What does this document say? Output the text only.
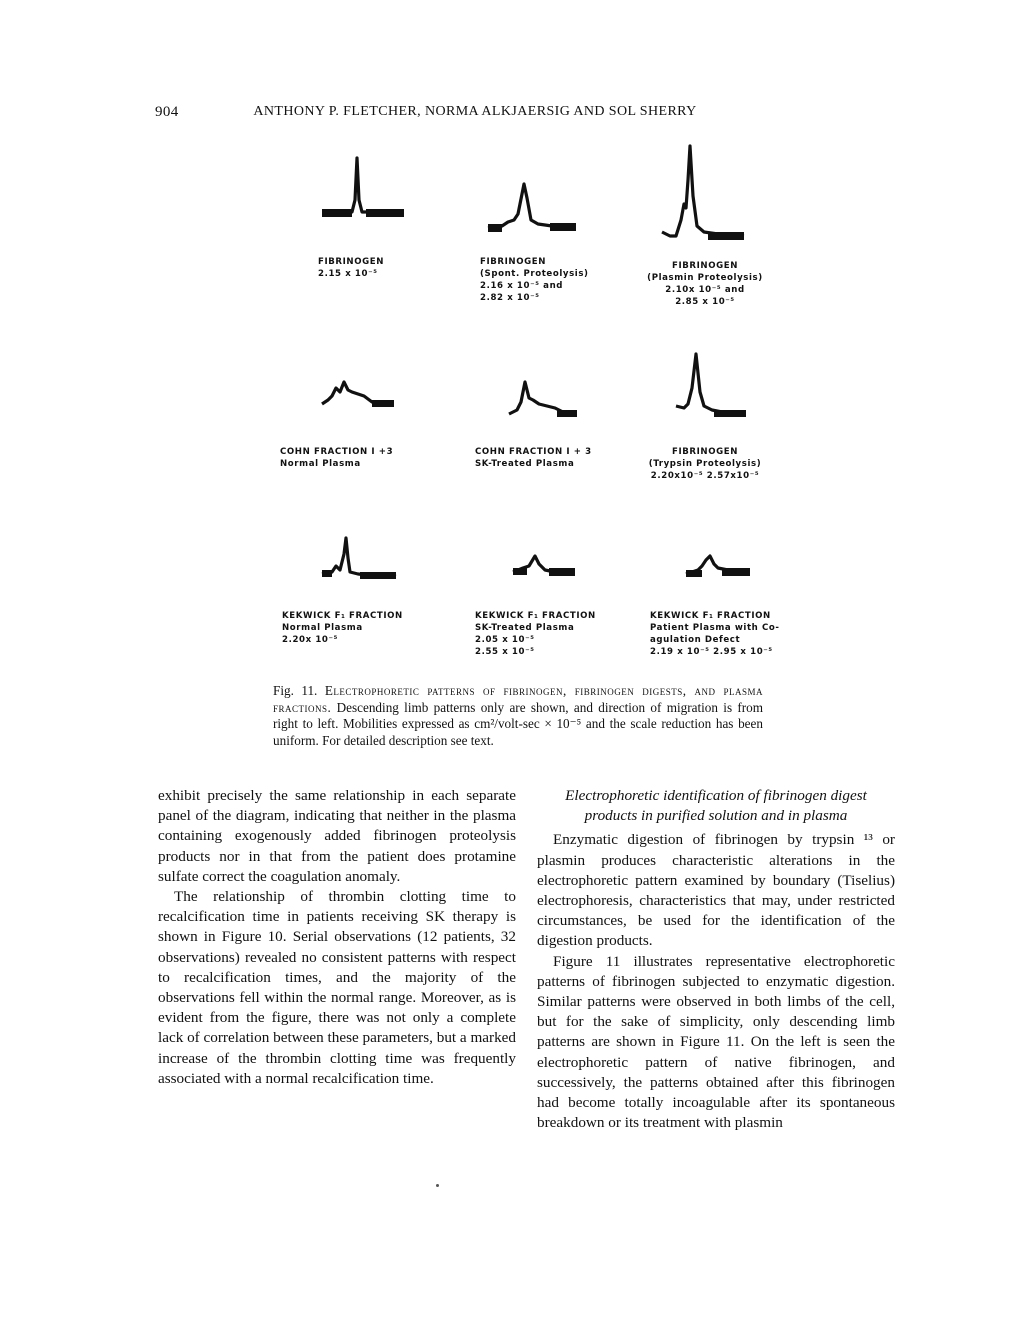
904	ANTHONY P. FLETCHER, NORMA ALKJAERSIG AND SOL SHERRY
FIBRINOGEN
2.15 x 10⁻⁵
FIBRINOGEN
(Spont. Proteolysis)
2.16 x 10⁻⁵ and
2.82 x 10⁻⁵
FIBRINOGEN
(Plasmin Proteolysis)
2.10x 10⁻⁵ and
2.85 x 10⁻⁵
COHN FRACTION I +3
Normal Plasma
COHN FRACTION I + 3
SK-Treated Plasma
FIBRINOGEN
(Trypsin Proteolysis)
2.20x10⁻⁵ 2.57x10⁻⁵
KEKWICK F₁ FRACTION
Normal Plasma
2.20x 10⁻⁵
KEKWICK F₁ FRACTION
SK-Treated Plasma
2.05 x 10⁻⁵
2.55 x 10⁻⁵
KEKWICK F₁ FRACTION
Patient Plasma with Co-
agulation Defect
2.19 x 10⁻⁵ 2.95 x 10⁻⁵
Fig. 11. Electrophoretic patterns of fibrinogen, fibrinogen digests, and plasma fractions. Descending limb patterns only are shown, and direction of migration is from right to left. Mobilities expressed as cm²/volt-sec × 10⁻⁵ and the scale reduction has been uniform. For detailed description see text.

exhibit precisely the same relationship in each separate panel of the diagram, indicating that neither in the plasma containing exogenously added fibrinogen proteolysis products nor in that from the patient does protamine sulfate correct the coagulation anomaly.

The relationship of thrombin clotting time to recalcification time in patients receiving SK therapy is shown in Figure 10. Serial observations (12 patients, 32 observations) revealed no consistent patterns with respect to recalcification times, and the majority of the observations fell within the normal range. Moreover, as is evident from the figure, there was not only a complete lack of correlation between these parameters, but a marked increase of the thrombin clotting time was frequently associated with a normal recalcification time.

Electrophoretic identification of fibrinogen digest products in purified solution and in plasma

Enzymatic digestion of fibrinogen by trypsin ¹³ or plasmin produces characteristic alterations in the electrophoretic pattern examined by boundary (Tiselius) electrophoresis, characteristics that may, under restricted circumstances, be used for the identification of the digestion products.

Figure 11 illustrates representative electrophoretic patterns of fibrinogen subjected to enzymatic digestion. Similar patterns were observed in both limbs of the cell, but for the sake of simplicity, only descending limb patterns are shown in Figure 11. On the left is seen the electrophoretic pattern of native fibrinogen, and successively, the patterns obtained after this fibrinogen had become totally incoagulable after its spontaneous breakdown or its treatment with plasmin
